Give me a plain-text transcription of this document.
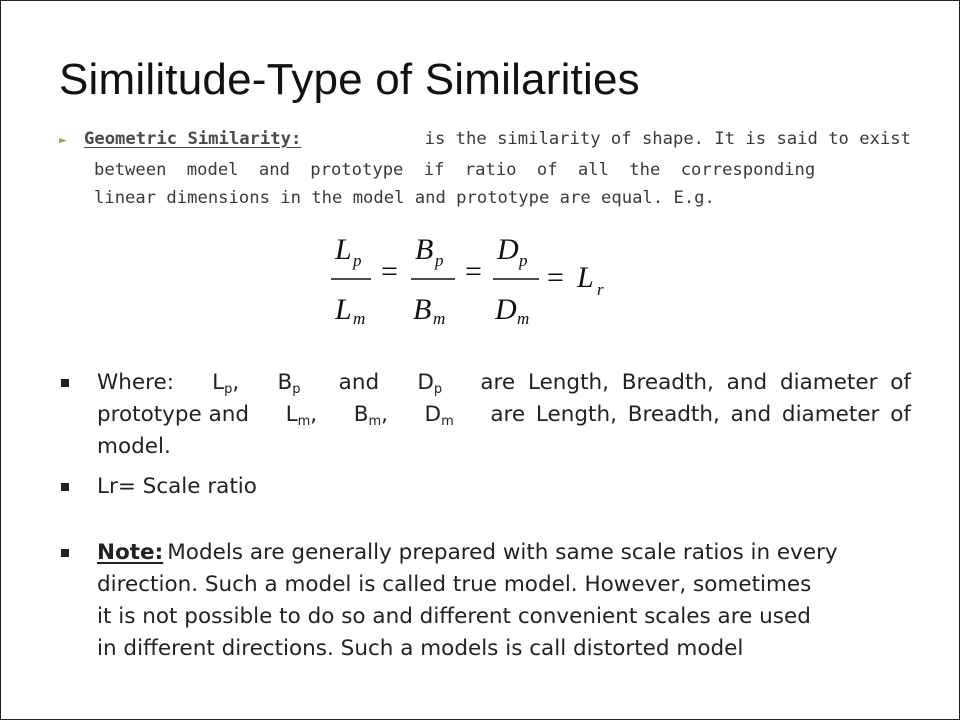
Similitude-Type of Similarities
► Geometric Similarity:	is the similarity of shape. It is said to exist
between model and prototype if ratio of all the corresponding
linear dimensions in the model and prototype are equal. E.g.
L p
L m
=
B p
B m
=
D p
D m
= L r
Where: $L_p$, $B_p$ and $D_p$ are Length, Breadth, and diameter of
prototype and $L_m$, $B_m$, $D_m$ are Length, Breadth, and diameter of
model.
Lr= Scale ratio
Note: Models are generally prepared with same scale ratios in every
direction. Such a model is called true model. However, sometimes
it is not possible to do so and different convenient scales are used
in different directions. Such a models is call distorted model
